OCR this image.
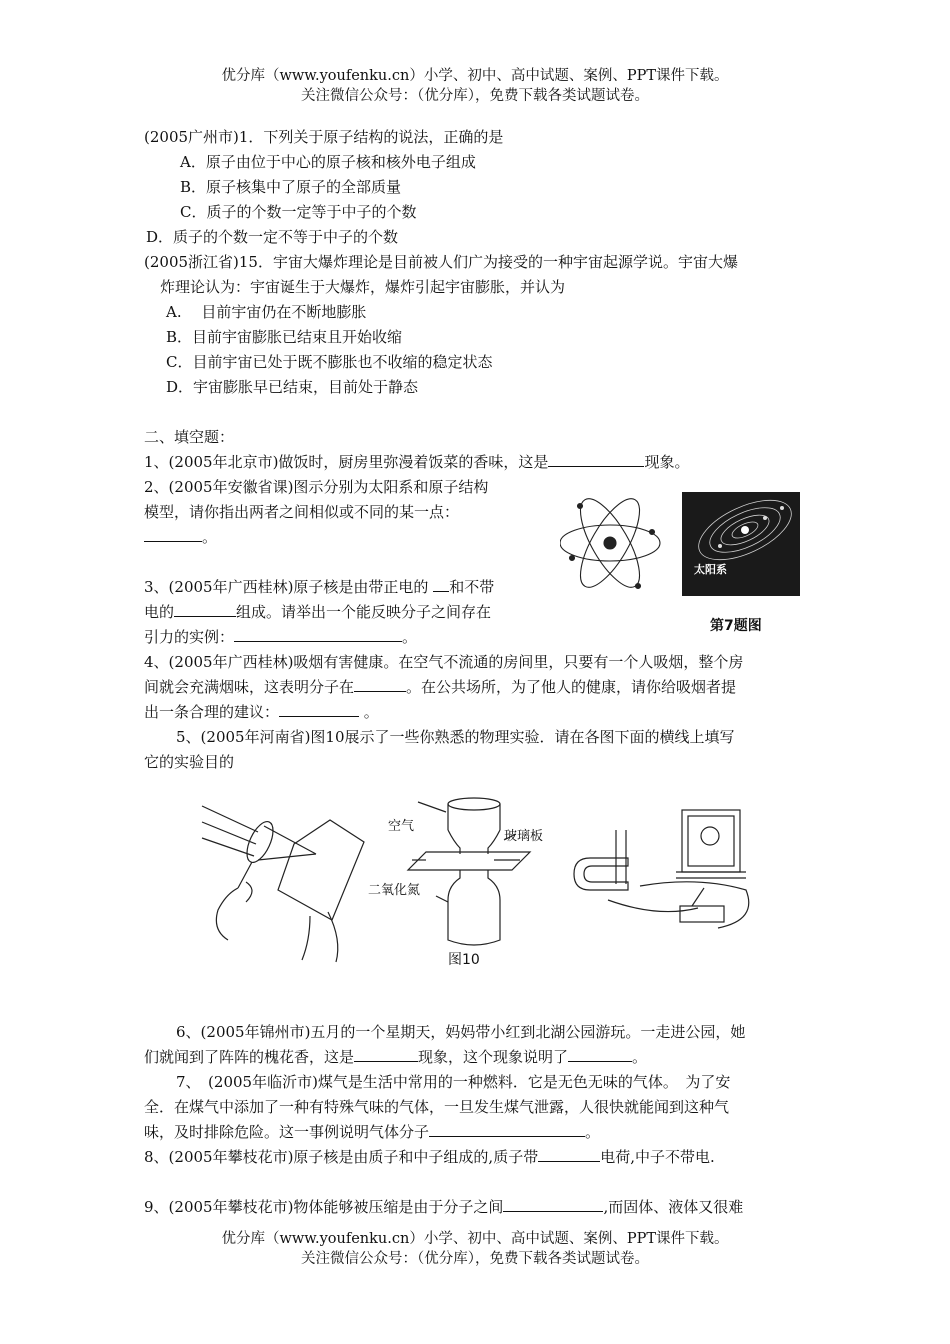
优分库（www.youfenku.cn）小学、初中、高中试题、案例、PPT课件下载。
关注微信公众号：（优分库），免费下载各类试题试卷。
(2005广州市)1．下列关于原子结构的说法，正确的是
A．原子由位于中心的原子核和核外电子组成
B．原子核集中了原子的全部质量
C．质子的个数一定等于中子的个数
D．质子的个数一定不等于中子的个数
(2005浙江省)15．宇宙大爆炸理论是目前被人们广为接受的一种宇宙起源学说。宇宙大爆
炸理论认为：宇宙诞生于大爆炸，爆炸引起宇宙膨胀，并认为
A.　 目前宇宙仍在不断地膨胀
B．目前宇宙膨胀已结束且开始收缩
C．目前宇宙已处于既不膨胀也不收缩的稳定状态
D．宇宙膨胀早已结束，目前处于静态
二、填空题：
1、(2005年北京市)做饭时，厨房里弥漫着饭菜的香味，这是	现象。
2、(2005年安徽省课)图示分别为太阳系和原子结构
模型，请你指出两者之间相似或不同的某一点：
。
3、(2005年广西桂林)原子核是由带正电的 和不带
电的	组成。请举出一个能反映分子之间存在
引力的实例：	。
太阳系
第7题图
4、(2005年广西桂林)吸烟有害健康。在空气不流通的房间里，只要有一个人吸烟，整个房
间就会充满烟味，这表明分子在	。在公共场所，为了他人的健康，请你给吸烟者提
出一条合理的建议：	。
5、(2005年河南省)图10展示了一些你熟悉的物理实验．请在各图下面的横线上填写
它的实验目的
空气
玻璃板
二氧化氮
图10
6、(2005年锦州市)五月的一个星期天，妈妈带小红到北湖公园游玩。一走进公园，她
们就闻到了阵阵的槐花香，这是	现象，这个现象说明了	。
7、　(2005年临沂市)煤气是生活中常用的一种燃料．它是无色无味的气体。　为了安
全．在煤气中添加了一种有特殊气味的气体，一旦发生煤气泄露，人很快就能闻到这种气
味，及时排除危险。这一事例说明气体分子	。
8、(2005年攀枝花市)原子核是由质子和中子组成的,质子带	电荷,中子不带电.
9、(2005年攀枝花市)物体能够被压缩是由于分子之间	,而固体、液体又很难
优分库（www.youfenku.cn）小学、初中、高中试题、案例、PPT课件下载。
关注微信公众号：（优分库），免费下载各类试题试卷。
